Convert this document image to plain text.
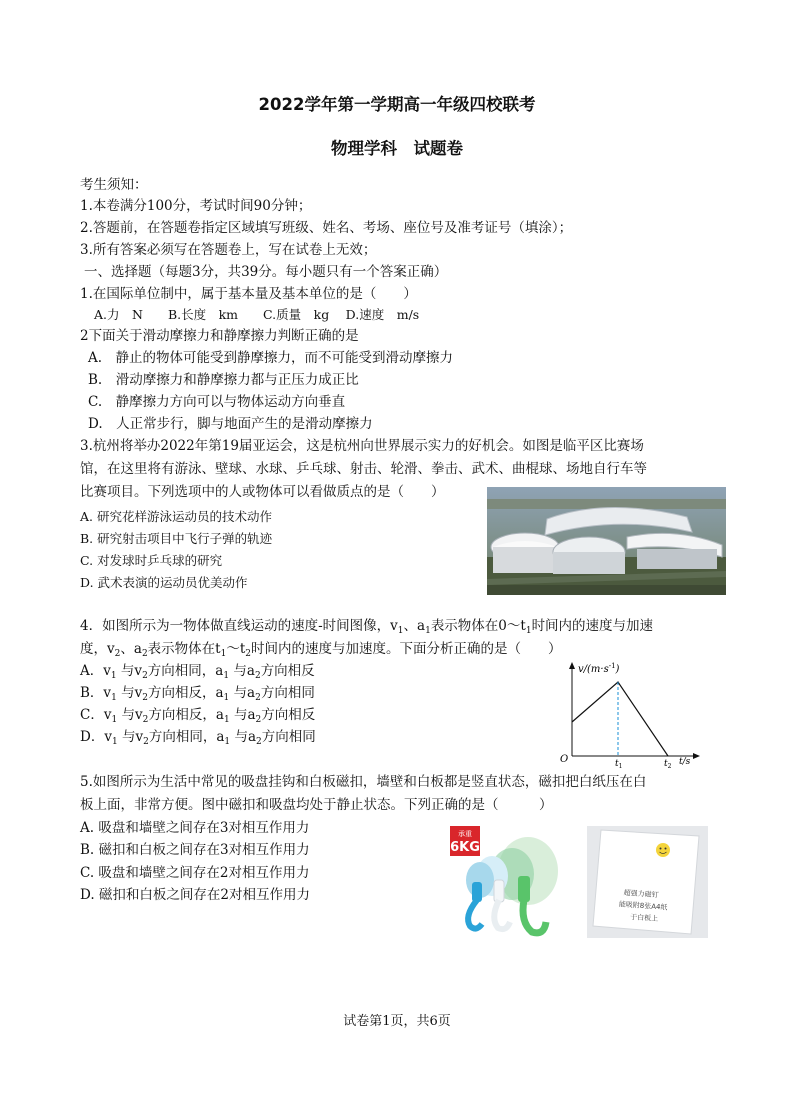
2022学年第一学期高一年级四校联考
物理学科　试题卷
考生须知：
1.本卷满分100分，考试时间90分钟；
2.答题前，在答题卷指定区域填写班级、姓名、考场、座位号及准考证号（填涂）；
3.所有答案必须写在答题卷上，写在试卷上无效；
一、选择题（每题3分，共39分。每小题只有一个答案正确）
1.在国际单位制中，属于基本量及基本单位的是（　　）
A.力　N　　B.长度　km　　C.质量　kg　 D.速度　m/s
2下面关于滑动摩擦力和静摩擦力判断正确的是
A.　静止的物体可能受到静摩擦力，而不可能受到滑动摩擦力
B.　滑动摩擦力和静摩擦力都与正压力成正比
C.　静摩擦力方向可以与物体运动方向垂直
D.　人正常步行，脚与地面产生的是滑动摩擦力
3.杭州将举办2022年第19届亚运会，这是杭州向世界展示实力的好机会。如图是临平区比赛场
馆，在这里将有游泳、壁球、水球、乒乓球、射击、轮滑、拳击、武术、曲棍球、场地自行车等
比赛项目。下列选项中的人或物体可以看做质点的是（　　）
A. 研究花样游泳运动员的技术动作
B. 研究射击项目中飞行子弹的轨迹
C. 对发球时乒乓球的研究
D. 武术表演的运动员优美动作
4．如图所示为一物体做直线运动的速度-时间图像，$v_1$、$a_1$表示物体在$0\sim t_1$时间内的速度与加速
度，$v_2$、$a_2$表示物体在$t_1\sim t_2$时间内的速度与加速度。下面分析正确的是（　　）
A．$v_1$ 与$v_2$方向相同，$a_1$ 与$a_2$方向相反
B．$v_1$ 与$v_2$方向相反，$a_1$ 与$a_2$方向相同
C．$v_1$ 与$v_2$方向相反，$a_1$ 与$a_2$方向相反
D．$v_1$ 与$v_2$方向相同，$a_1$ 与$a_2$方向相同
$v/(m\cdot s^{-1})$
O	$t_1$	$t_2$ t/s
5.如图所示为生活中常见的吸盘挂钩和白板磁扣，墙壁和白板都是竖直状态，磁扣把白纸压在白
板上面，非常方便。图中磁扣和吸盘均处于静止状态。下列正确的是（　　　）
A. 吸盘和墙壁之间存在3对相互作用力
B. 磁扣和白板之间存在3对相互作用力
C. 吸盘和墙壁之间存在2对相互作用力
D. 磁扣和白板之间存在2对相互作用力
承重
6KG
超强力磁钉
能吸附8张A4纸
于白板上
试卷第1页，共6页
